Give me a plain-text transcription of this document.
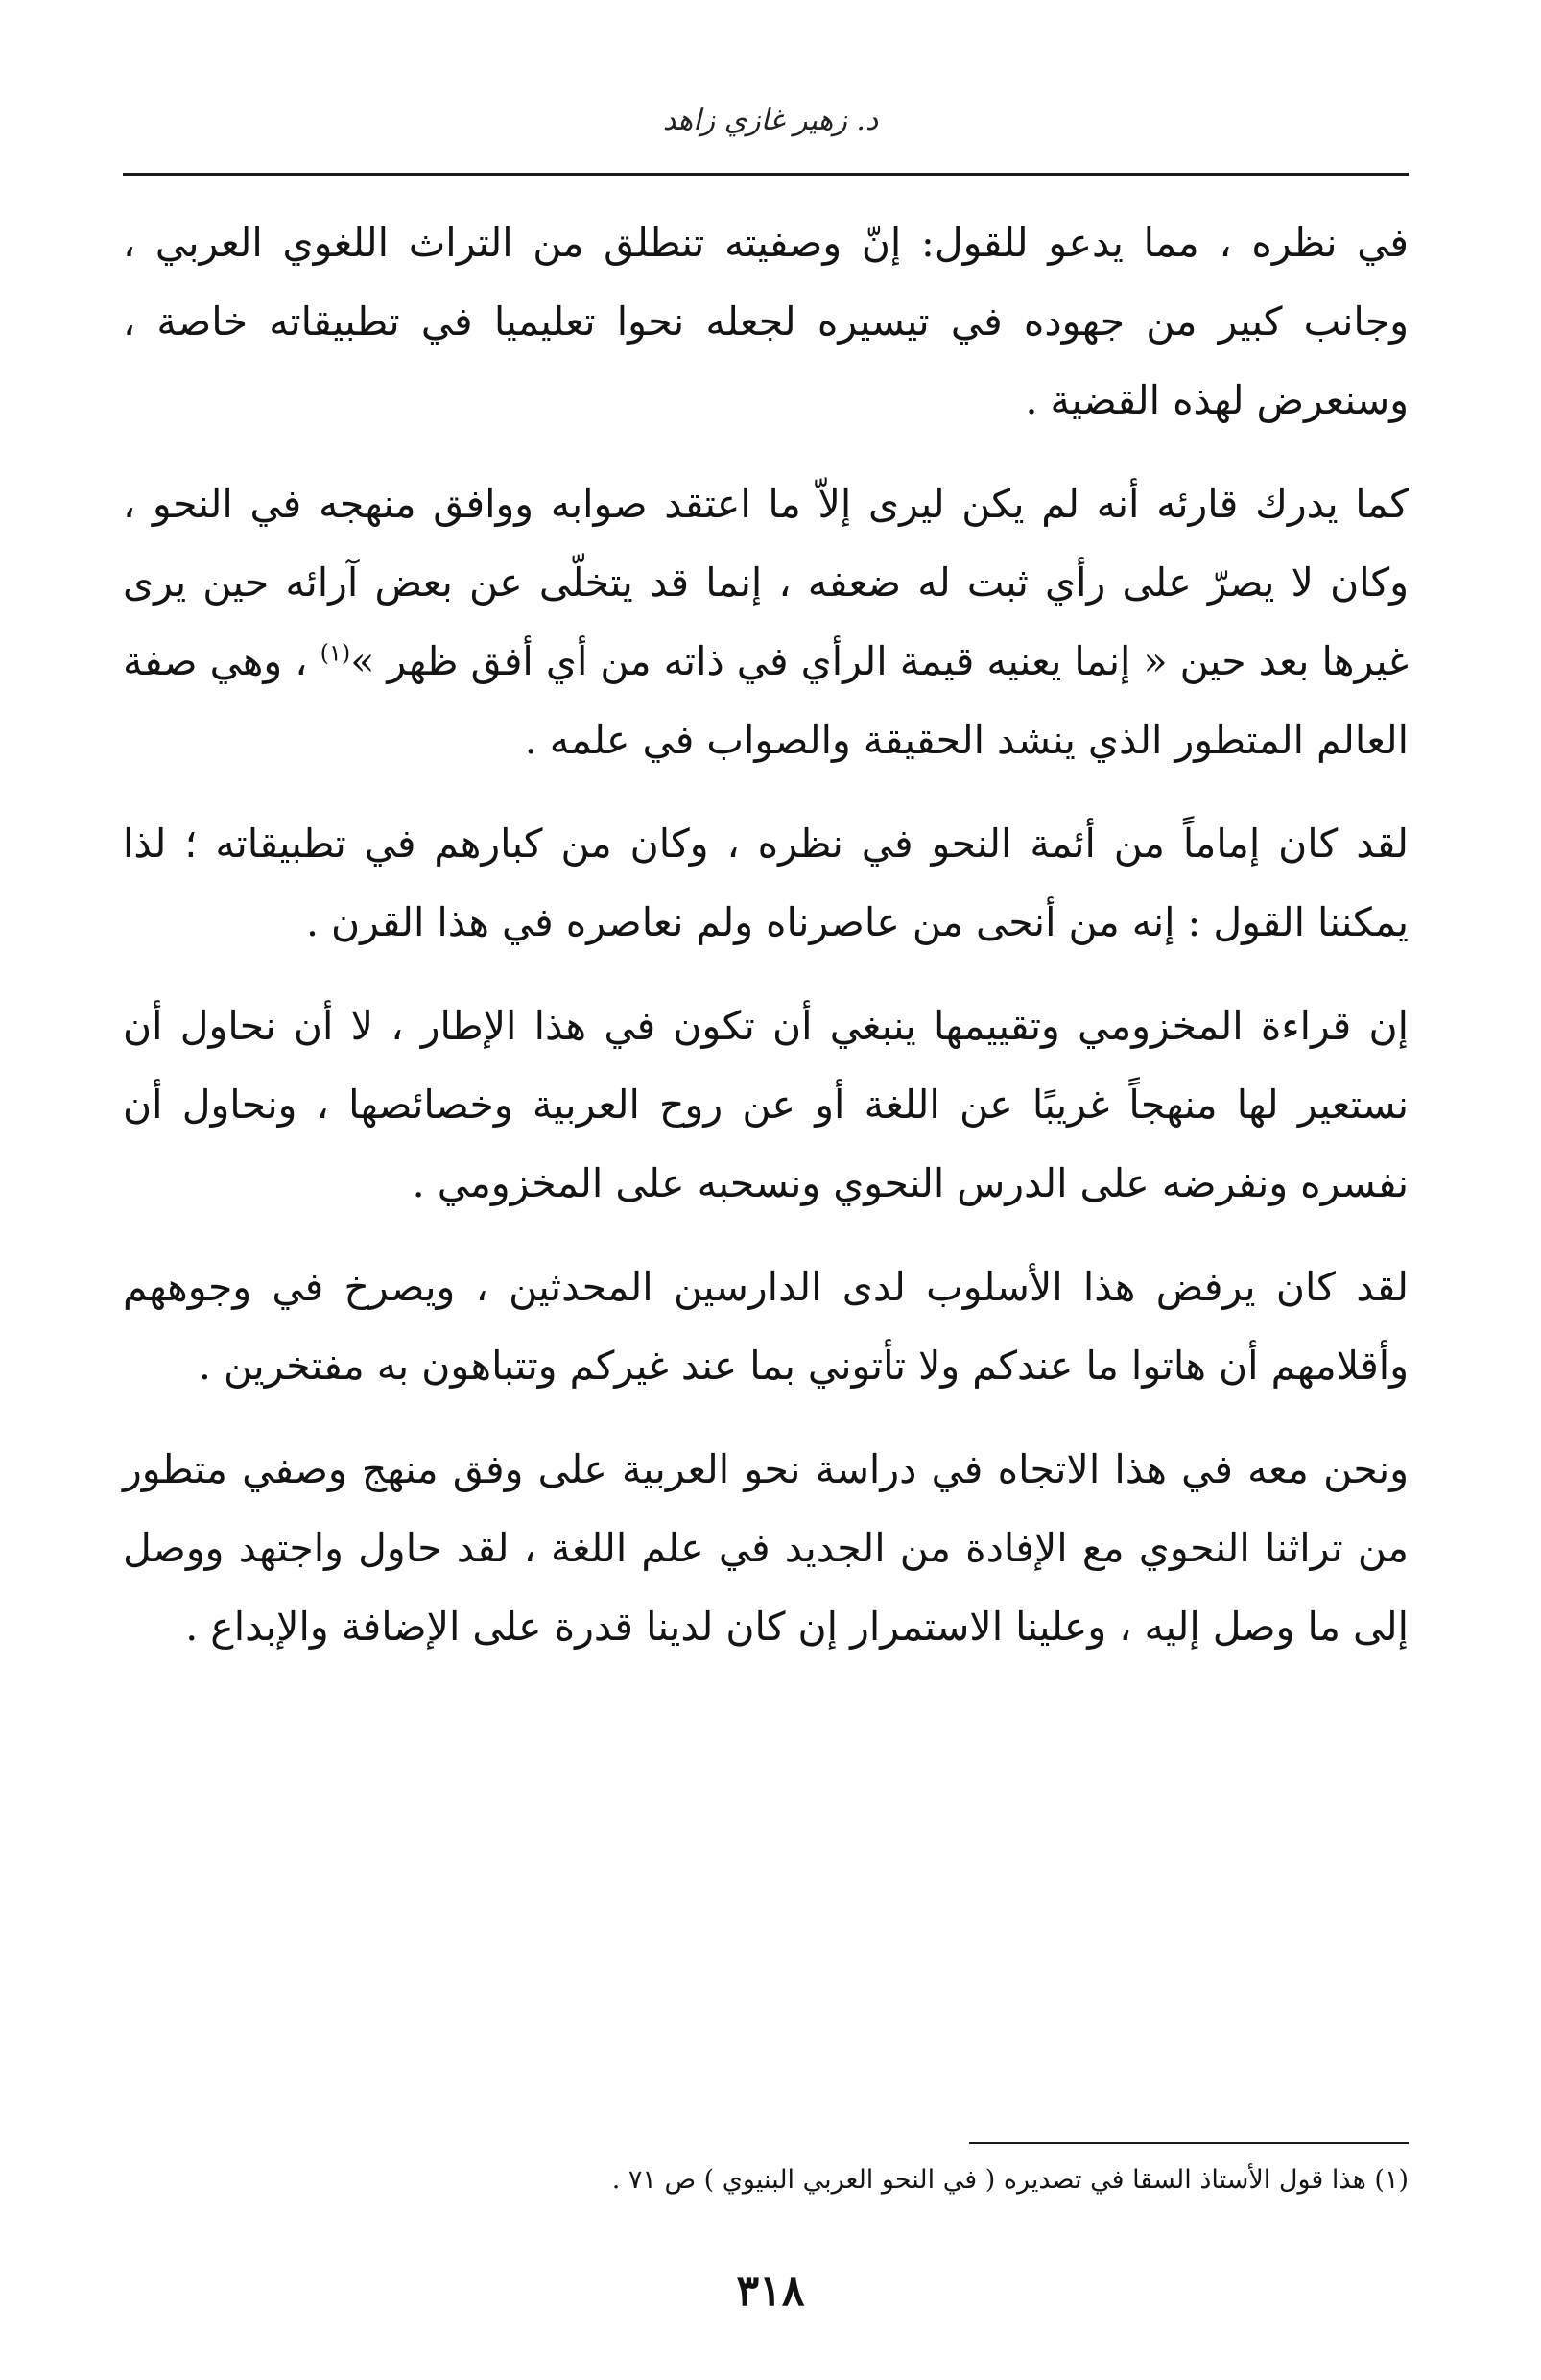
د. زهير غازي زاهد

في نظره ، مما يدعو للقول: إنّ وصفيته تنطلق من التراث اللغوي العربي ، وجانب كبير من جهوده في تيسيره لجعله نحوا تعليميا في تطبيقاته خاصة ، وسنعرض لهذه القضية .

كما يدرك قارئه أنه لم يكن ليرى إلاّ ما اعتقد صوابه ووافق منهجه في النحو ، وكان لا يصرّ على رأي ثبت له ضعفه ، إنما قد يتخلّى عن بعض آرائه حين يرى غيرها بعد حين « إنما يعنيه قيمة الرأي في ذاته من أي أفق ظهر »$^{(١)}$ ، وهي صفة العالم المتطور الذي ينشد الحقيقة والصواب في علمه .

لقد كان إماماً من أئمة النحو في نظره ، وكان من كبارهم في تطبيقاته ؛ لذا يمكننا القول : إنه من أنحى من عاصرناه ولم نعاصره في هذا القرن .

إن قراءة المخزومي وتقييمها ينبغي أن تكون في هذا الإطار ، لا أن نحاول أن نستعير لها منهجاً غريبًا عن اللغة أو عن روح العربية وخصائصها ، ونحاول أن نفسره ونفرضه على الدرس النحوي ونسحبه على المخزومي .

لقد كان يرفض هذا الأسلوب لدى الدارسين المحدثين ، ويصرخ في وجوههم وأقلامهم أن هاتوا ما عندكم ولا تأتوني بما عند غيركم وتتباهون به مفتخرين .

ونحن معه في هذا الاتجاه في دراسة نحو العربية على وفق منهج وصفي متطور من تراثنا النحوي مع الإفادة من الجديد في علم اللغة ، لقد حاول واجتهد ووصل إلى ما وصل إليه ، وعلينا الاستمرار إن كان لدينا قدرة على الإضافة والإبداع .

(١) هذا قول الأستاذ السقا في تصديره ( في النحو العربي البنيوي ) ص ٧١ .

٣١٨
